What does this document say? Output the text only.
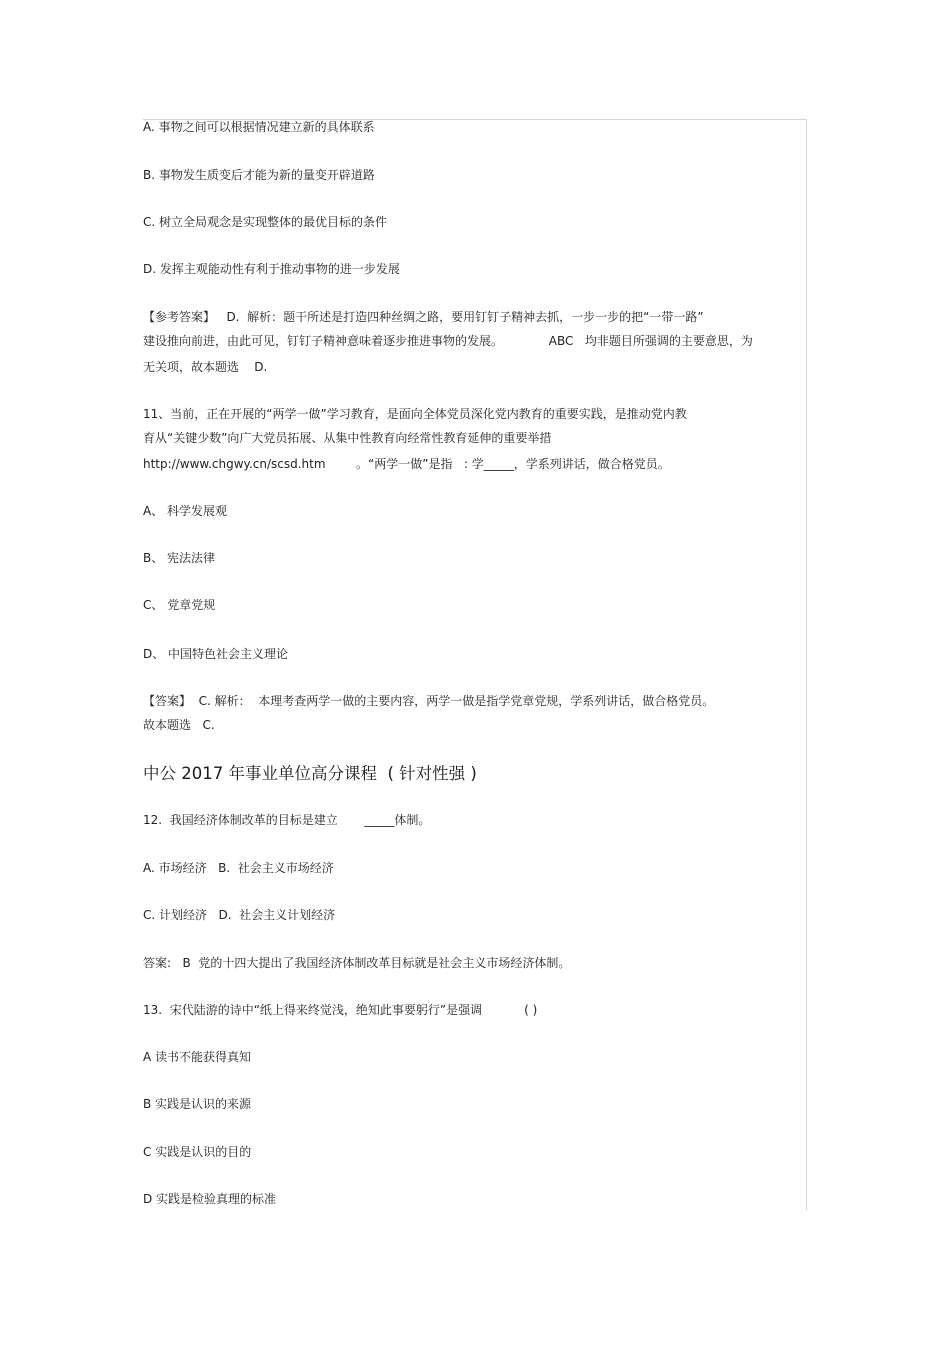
A. 事物之间可以根据情况建立新的具体联系
B. 事物发生质变后才能为新的量变开辟道路
C. 树立全局观念是实现整体的最优目标的条件
D. 发挥主观能动性有利于推动事物的进一步发展
【参考答案】   D.  解析：题干所述是打造四种丝绸之路，要用钉钉子精神去抓，一步一步的把“一带一路”
建设推向前进，由此可见，钉钉子精神意味着逐步推进事物的发展。            ABC   均非题目所强调的主要意思，为
无关项，故本题选    D.
11、当前，正在开展的“两学一做”学习教育，是面向全体党员深化党内教育的重要实践，是推动党内教
育从“关键少数”向广大党员拓展、从集中性教育向经常性教育延伸的重要举措
http://www.chgwy.cn/scsd.htm        。“两学一做”是指   : 学_____，学系列讲话，做合格党员。
A、 科学发展观
B、 宪法法律
C、 党章党规
D、 中国特色社会主义理论
【答案】  C. 解析：  本理考查两学一做的主要内容，两学一做是指学党章党规，学系列讲话，做合格党员。
故本题选   C.
中公 2017 年事业单位高分课程  ( 针对性强 )
12.  我国经济体制改革的目标是建立       _____体制。
A. 市场经济   B.  社会主义市场经济
C. 计划经济   D.  社会主义计划经济
答案:   B  党的十四大提出了我国经济体制改革目标就是社会主义市场经济体制。
13.  宋代陆游的诗中“纸上得来终觉浅，绝知此事要躬行”是强调           ( )
A 读书不能获得真知
B 实践是认识的来源
C 实践是认识的目的
D 实践是检验真理的标准
